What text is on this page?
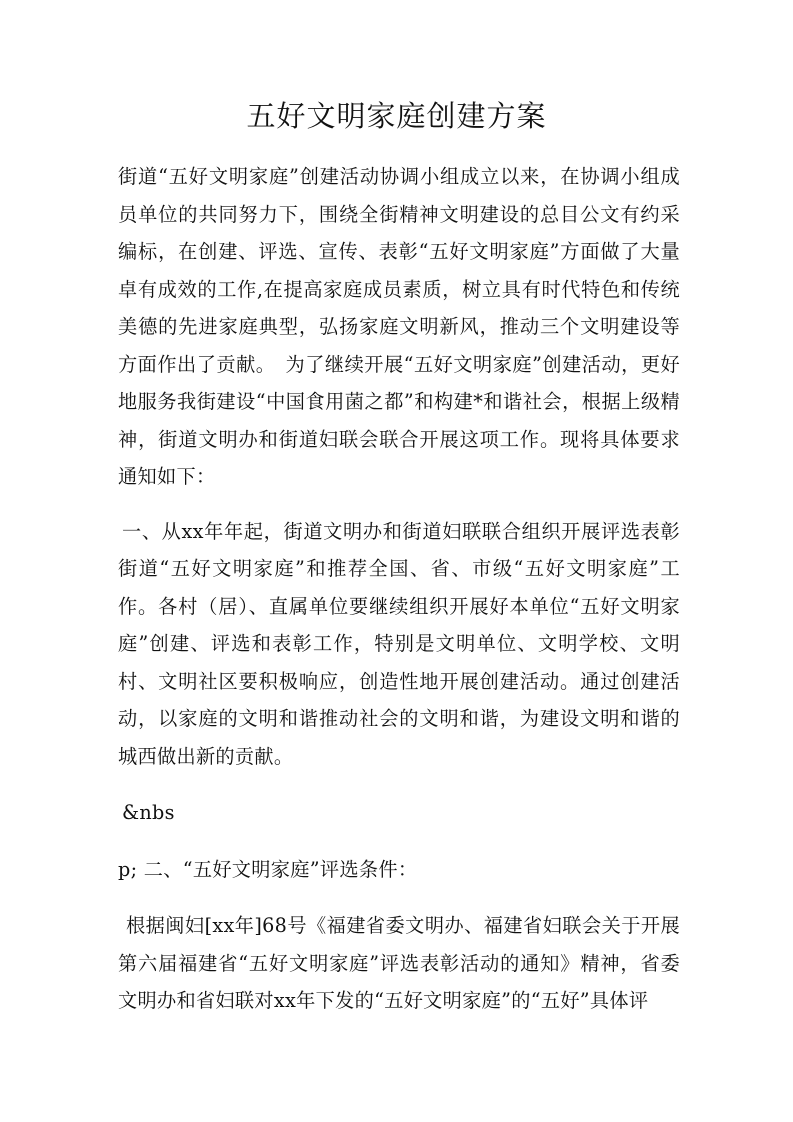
五好文明家庭创建方案

街道“五好文明家庭”创建活动协调小组成立以来，在协调小组成员单位的共同努力下，围绕全街精神文明建设的总目公文有约采编标，在创建、评选、宣传、表彰“五好文明家庭”方面做了大量卓有成效的工作,在提高家庭成员素质，树立具有时代特色和传统美德的先进家庭典型，弘扬家庭文明新风，推动三个文明建设等方面作出了贡献。　为了继续开展“五好文明家庭”创建活动，更好地服务我街建设“中国食用菌之都”和构建*和谐社会，根据上级精神，街道文明办和街道妇联会联合开展这项工作。现将具体要求通知如下：

一、从xx年年起，街道文明办和街道妇联联合组织开展评选表彰街道“五好文明家庭”和推荐全国、省、市级“五好文明家庭”工作。各村（居）、直属单位要继续组织开展好本单位“五好文明家庭”创建、评选和表彰工作，特别是文明单位、文明学校、文明村、文明社区要积极响应，创造性地开展创建活动。通过创建活动，以家庭的文明和谐推动社会的文明和谐，为建设文明和谐的城西做出新的贡献。

&nbs

p; 二、“五好文明家庭”评选条件：

根据闽妇[xx年]68号《福建省委文明办、福建省妇联会关于开展第六届福建省“五好文明家庭”评选表彰活动的通知》精神，省委文明办和省妇联对xx年下发的“五好文明家庭”的“五好”具体评
